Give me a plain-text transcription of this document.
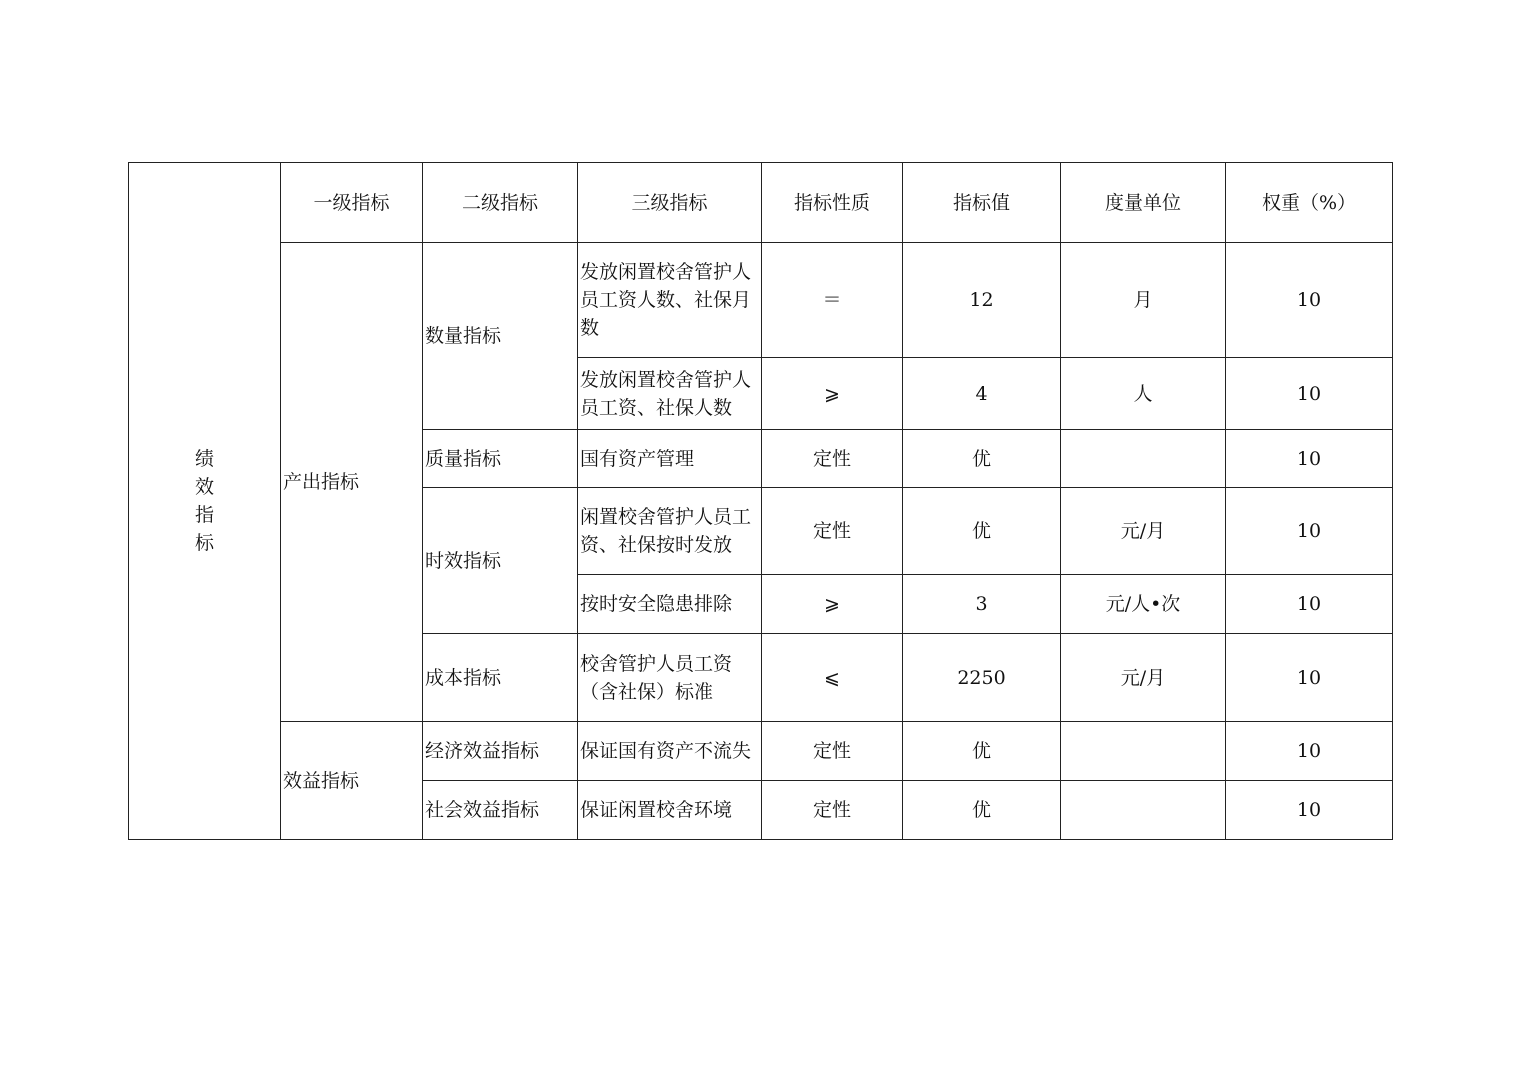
绩效指标	一级指标	二级指标	三级指标	指标性质	指标值	度量单位	权重（%）
	产出指标	数量指标	发放闲置校舍管护人员工资人数、社保月数	＝	12	月	10
			发放闲置校舍管护人员工资、社保人数	⩾	4	人	10
		质量指标	国有资产管理	定性	优		10
		时效指标	闲置校舍管护人员工资、社保按时发放	定性	优	元/月	10
			按时安全隐患排除	⩾	3	元/人•次	10
		成本指标	校舍管护人员工资（含社保）标准	⩽	2250	元/月	10
	效益指标	经济效益指标	保证国有资产不流失	定性	优		10
		社会效益指标	保证闲置校舍环境	定性	优		10
